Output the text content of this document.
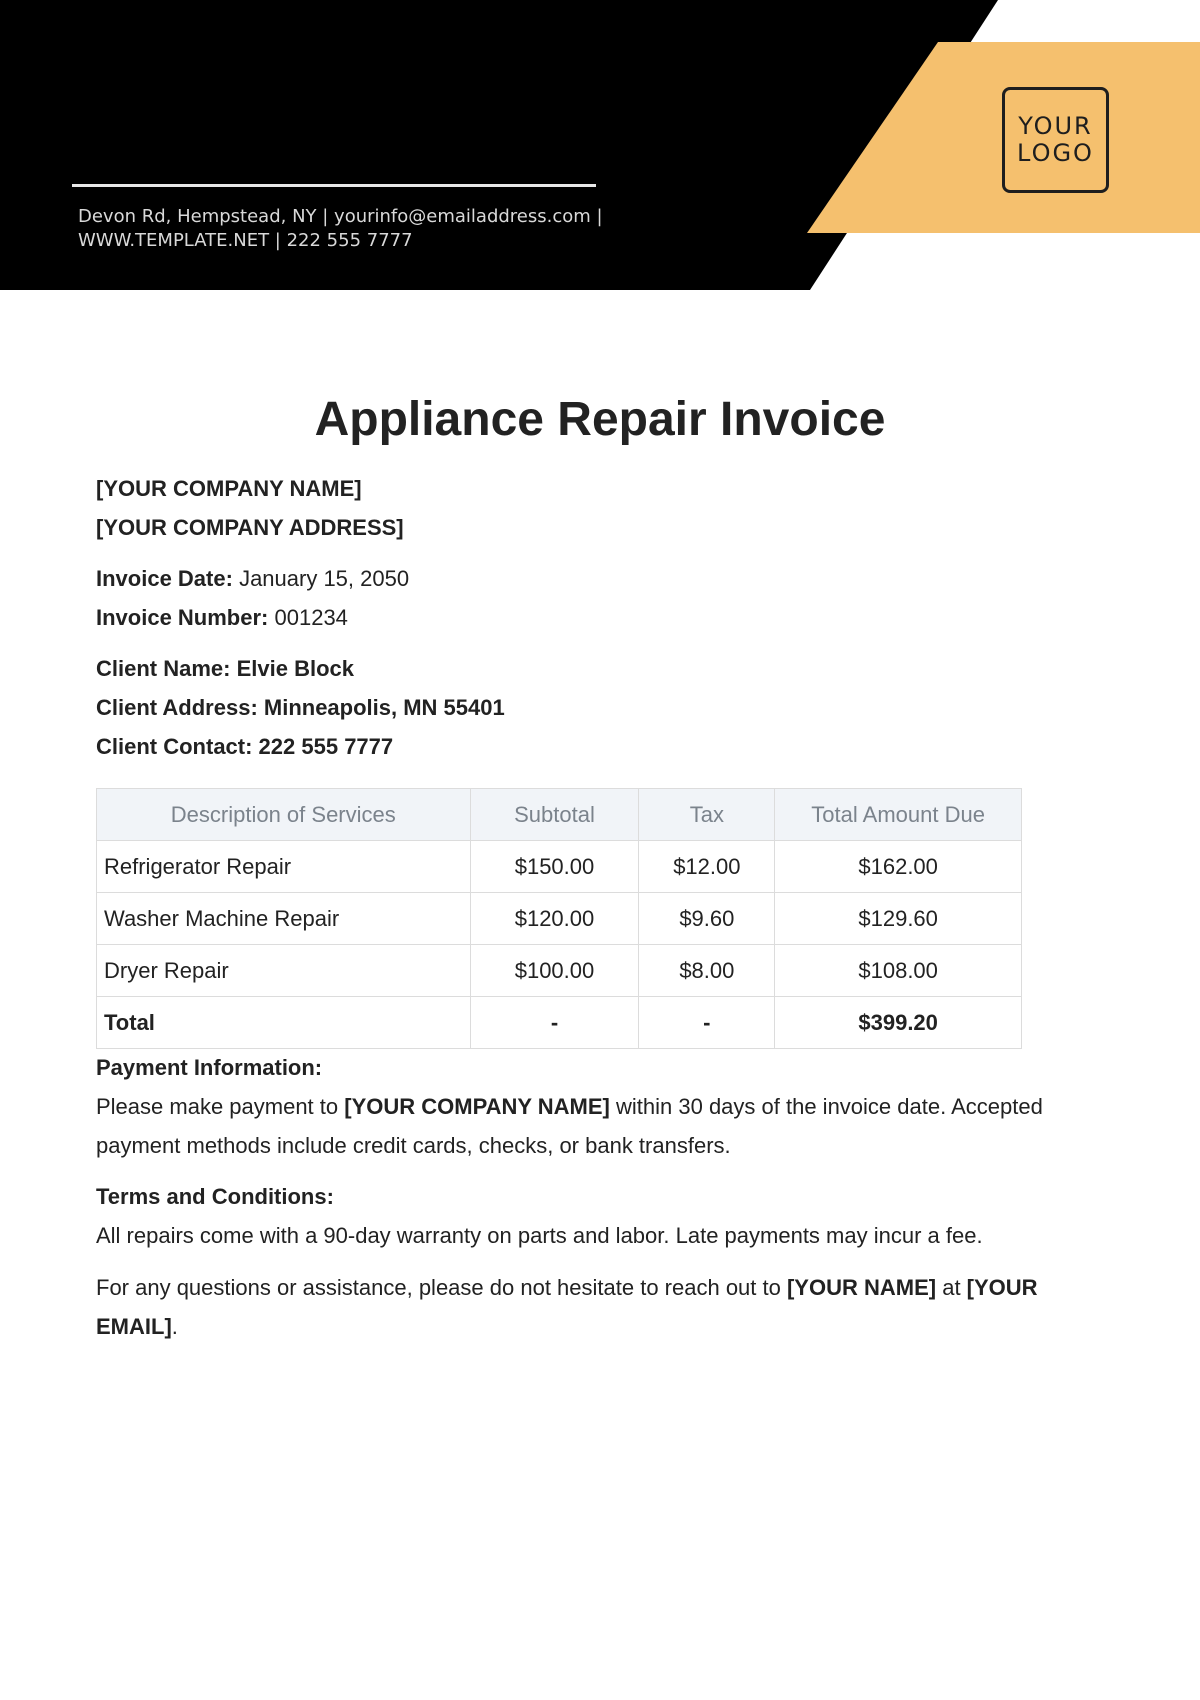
Devon Rd, Hempstead, NY | yourinfo@emailaddress.com |
WWW.TEMPLATE.NET | 222 555 7777
YOUR
LOGO
Appliance Repair Invoice
[YOUR COMPANY NAME]
[YOUR COMPANY ADDRESS]
Invoice Date: January 15, 2050
Invoice Number: 001234
Client Name: Elvie Block
Client Address: Minneapolis, MN 55401
Client Contact: 222 555 7777
Description of Services	Subtotal	Tax	Total Amount Due
Refrigerator Repair	$150.00	$12.00	$162.00
Washer Machine Repair	$120.00	$9.60	$129.60
Dryer Repair	$100.00	$8.00	$108.00
Total	-	-	$399.20
Payment Information:
Please make payment to [YOUR COMPANY NAME] within 30 days of the invoice date. Accepted payment methods include credit cards, checks, or bank transfers.
Terms and Conditions:
All repairs come with a 90-day warranty on parts and labor. Late payments may incur a fee.
For any questions or assistance, please do not hesitate to reach out to [YOUR NAME] at [YOUR EMAIL].
